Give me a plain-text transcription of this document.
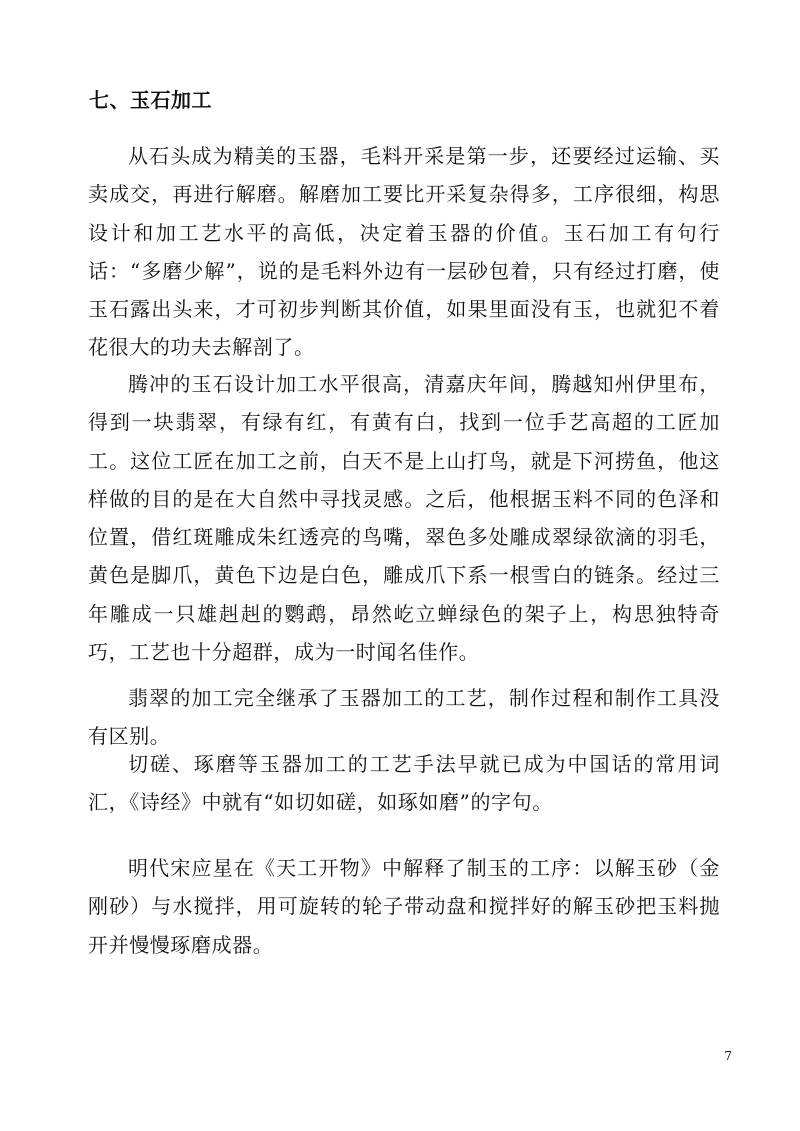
七、玉石加工

从石头成为精美的玉器，毛料开采是第一步，还要经过运输、买卖成交，再进行解磨。解磨加工要比开采复杂得多，工序很细，构思设计和加工艺水平的高低，决定着玉器的价值。玉石加工有句行话：“多磨少解”，说的是毛料外边有一层砂包着，只有经过打磨，使玉石露出头来，才可初步判断其价值，如果里面没有玉，也就犯不着花很大的功夫去解剖了。

腾冲的玉石设计加工水平很高，清嘉庆年间，腾越知州伊里布，得到一块翡翠，有绿有红，有黄有白，找到一位手艺高超的工匠加工。这位工匠在加工之前，白天不是上山打鸟，就是下河捞鱼，他这样做的目的是在大自然中寻找灵感。之后，他根据玉料不同的色泽和位置，借红斑雕成朱红透亮的鸟嘴，翠色多处雕成翠绿欲滴的羽毛，黄色是脚爪，黄色下边是白色，雕成爪下系一根雪白的链条。经过三年雕成一只雄赳赳的鹦鹉，昂然屹立蝉绿色的架子上，构思独特奇巧，工艺也十分超群，成为一时闻名佳作。

翡翠的加工完全继承了玉器加工的工艺，制作过程和制作工具没有区别。

切磋、琢磨等玉器加工的工艺手法早就已成为中国话的常用词汇，《诗经》中就有“如切如磋，如琢如磨”的字句。

明代宋应星在《天工开物》中解释了制玉的工序：以解玉砂（金刚砂）与水搅拌，用可旋转的轮子带动盘和搅拌好的解玉砂把玉料抛开并慢慢琢磨成器。

7
